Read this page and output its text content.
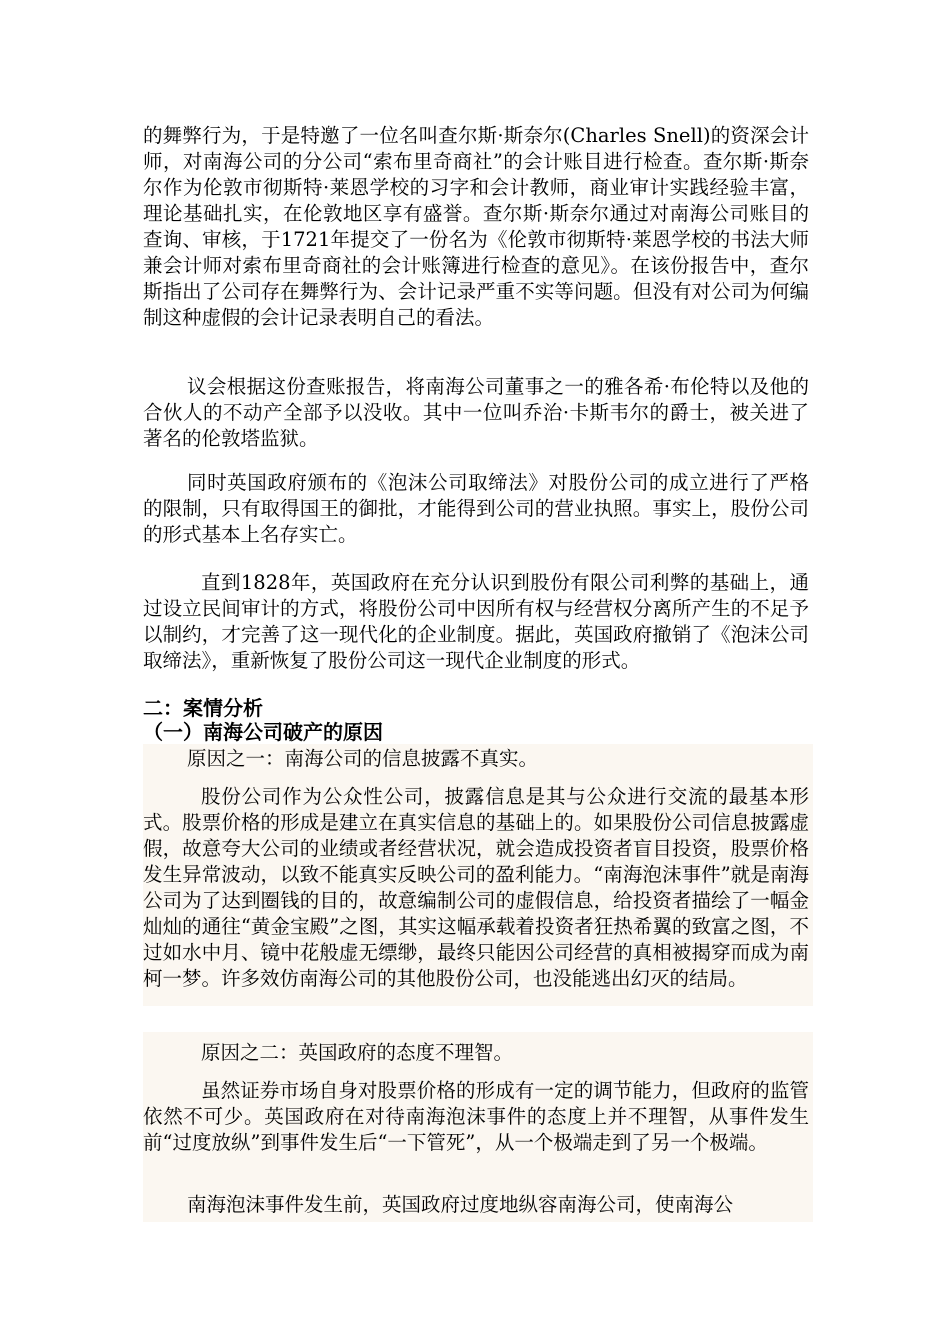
的舞弊行为，于是特邀了一位名叫查尔斯·斯奈尔(Charles Snell)的资深会计师，对南海公司的分公司“索布里奇商社”的会计账目进行检查。查尔斯·斯奈尔作为伦敦市彻斯特·莱恩学校的习字和会计教师，商业审计实践经验丰富，理论基础扎实，在伦敦地区享有盛誉。查尔斯·斯奈尔通过对南海公司账目的查询、审核，于1721年提交了一份名为《伦敦市彻斯特·莱恩学校的书法大师兼会计师对索布里奇商社的会计账簿进行检查的意见》。在该份报告中，查尔斯指出了公司存在舞弊行为、会计记录严重不实等问题。但没有对公司为何编制这种虚假的会计记录表明自己的看法。
议会根据这份查账报告，将南海公司董事之一的雅各希·布伦特以及他的合伙人的不动产全部予以没收。其中一位叫乔治·卡斯韦尔的爵士，被关进了著名的伦敦塔监狱。
同时英国政府颁布的《泡沫公司取缔法》对股份公司的成立进行了严格的限制，只有取得国王的御批，才能得到公司的营业执照。事实上，股份公司的形式基本上名存实亡。
直到1828年，英国政府在充分认识到股份有限公司利弊的基础上，通过设立民间审计的方式，将股份公司中因所有权与经营权分离所产生的不足予以制约，才完善了这一现代化的企业制度。据此，英国政府撤销了《泡沫公司取缔法》，重新恢复了股份公司这一现代企业制度的形式。
二：案情分析
（一）南海公司破产的原因
原因之一：南海公司的信息披露不真实。
股份公司作为公众性公司，披露信息是其与公众进行交流的最基本形式。股票价格的形成是建立在真实信息的基础上的。如果股份公司信息披露虚假，故意夸大公司的业绩或者经营状况，就会造成投资者盲目投资，股票价格发生异常波动，以致不能真实反映公司的盈利能力。“南海泡沫事件”就是南海公司为了达到圈钱的目的，故意编制公司的虚假信息，给投资者描绘了一幅金灿灿的通往“黄金宝殿”之图，其实这幅承载着投资者狂热希翼的致富之图，不过如水中月、镜中花般虚无缥缈，最终只能因公司经营的真相被揭穿而成为南柯一梦。许多效仿南海公司的其他股份公司，也没能逃出幻灭的结局。
原因之二：英国政府的态度不理智。
虽然证券市场自身对股票价格的形成有一定的调节能力，但政府的监管依然不可少。英国政府在对待南海泡沫事件的态度上并不理智，从事件发生前“过度放纵”到事件发生后“一下管死”，从一个极端走到了另一个极端。
南海泡沫事件发生前，英国政府过度地纵容南海公司，使南海公
